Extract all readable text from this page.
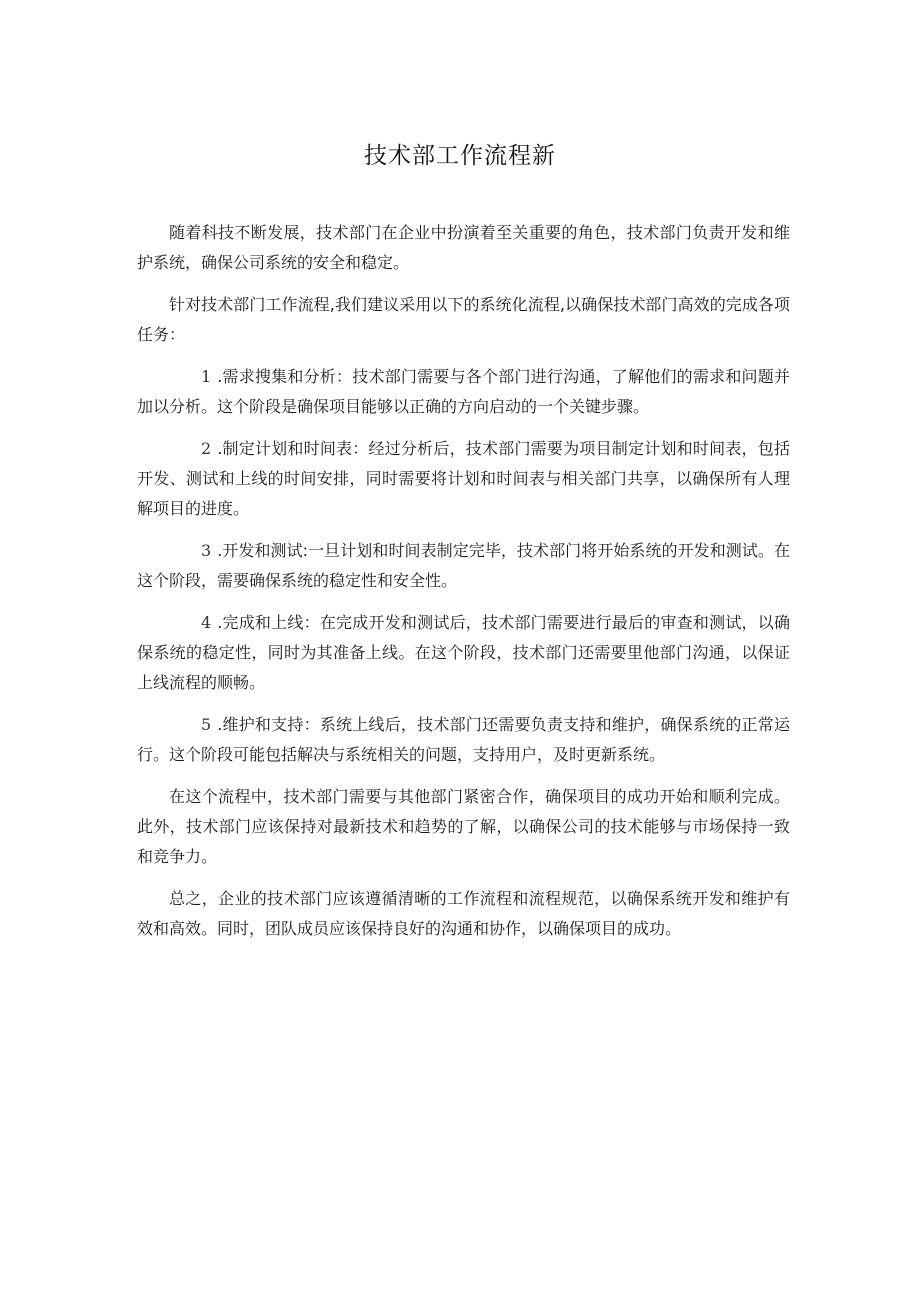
技术部工作流程新

随着科技不断发展，技术部门在企业中扮演着至关重要的角色，技术部门负责开发和维护系统，确保公司系统的安全和稳定。

针对技术部门工作流程,我们建议采用以下的系统化流程,以确保技术部门高效的完成各项任务：

1 .需求搜集和分析：技术部门需要与各个部门进行沟通，了解他们的需求和问题并加以分析。这个阶段是确保项目能够以正确的方向启动的一个关键步骤。

2 .制定计划和时间表：经过分析后，技术部门需要为项目制定计划和时间表，包括开发、测试和上线的时间安排，同时需要将计划和时间表与相关部门共享，以确保所有人理解项目的进度。

3 .开发和测试:一旦计划和时间表制定完毕，技术部门将开始系统的开发和测试。在这个阶段，需要确保系统的稳定性和安全性。

4 .完成和上线：在完成开发和测试后，技术部门需要进行最后的审查和测试，以确保系统的稳定性，同时为其准备上线。在这个阶段，技术部门还需要里他部门沟通，以保证上线流程的顺畅。

5 .维护和支持：系统上线后，技术部门还需要负责支持和维护，确保系统的正常运行。这个阶段可能包括解决与系统相关的问题，支持用户，及时更新系统。

在这个流程中，技术部门需要与其他部门紧密合作，确保项目的成功开始和顺利完成。此外，技术部门应该保持对最新技术和趋势的了解，以确保公司的技术能够与市场保持一致和竞争力。

总之，企业的技术部门应该遵循清晰的工作流程和流程规范，以确保系统开发和维护有效和高效。同时，团队成员应该保持良好的沟通和协作，以确保项目的成功。
